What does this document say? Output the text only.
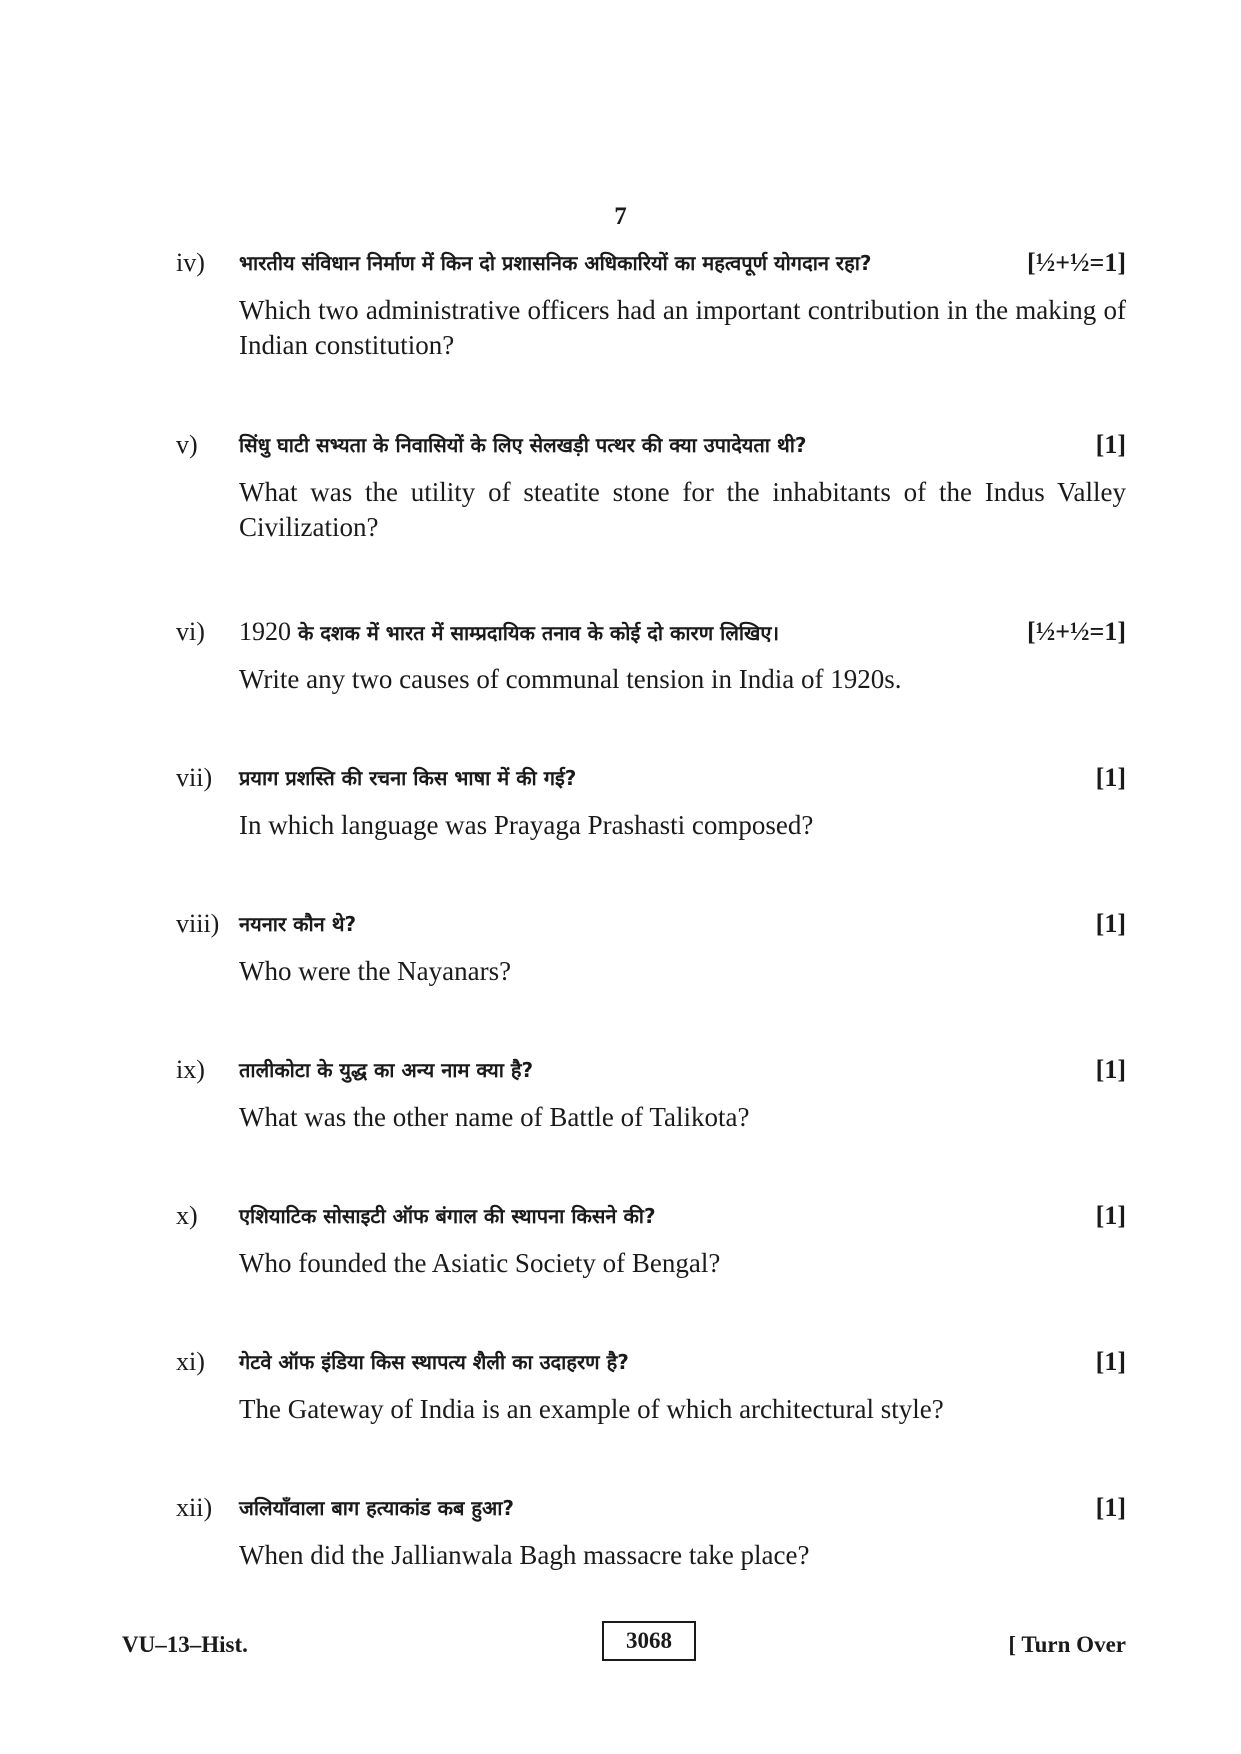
7
iv) भारतीय संविधान निर्माण में किन दो प्रशासनिक अधिकारियों का महत्वपूर्ण योगदान रहा?	[½+½=1]
Which two administrative officers had an important contribution in the making of Indian constitution?
v) सिंधु घाटी सभ्यता के निवासियों के लिए सेलखड़ी पत्थर की क्या उपादेयता थी?	[1]
What was the utility of steatite stone for the inhabitants of the Indus Valley Civilization?
vi) 1920 के दशक में भारत में साम्प्रदायिक तनाव के कोई दो कारण लिखिए।	[½+½=1]
Write any two causes of communal tension in India of 1920s.
vii) प्रयाग प्रशस्ति की रचना किस भाषा में की गई?	[1]
In which language was Prayaga Prashasti composed?
viii) नयनार कौन थे?	[1]
Who were the Nayanars?
ix) तालीकोटा के युद्ध का अन्य नाम क्या है?	[1]
What was the other name of Battle of Talikota?
x) एशियाटिक सोसाइटी ऑफ बंगाल की स्थापना किसने की?	[1]
Who founded the Asiatic Society of Bengal?
xi) गेटवे ऑफ इंडिया किस स्थापत्य शैली का उदाहरण है?	[1]
The Gateway of India is an example of which architectural style?
xii) जलियाँवाला बाग हत्याकांड कब हुआ?	[1]
When did the Jallianwala Bagh massacre take place?
VU–13–Hist.	3068	[ Turn Over
